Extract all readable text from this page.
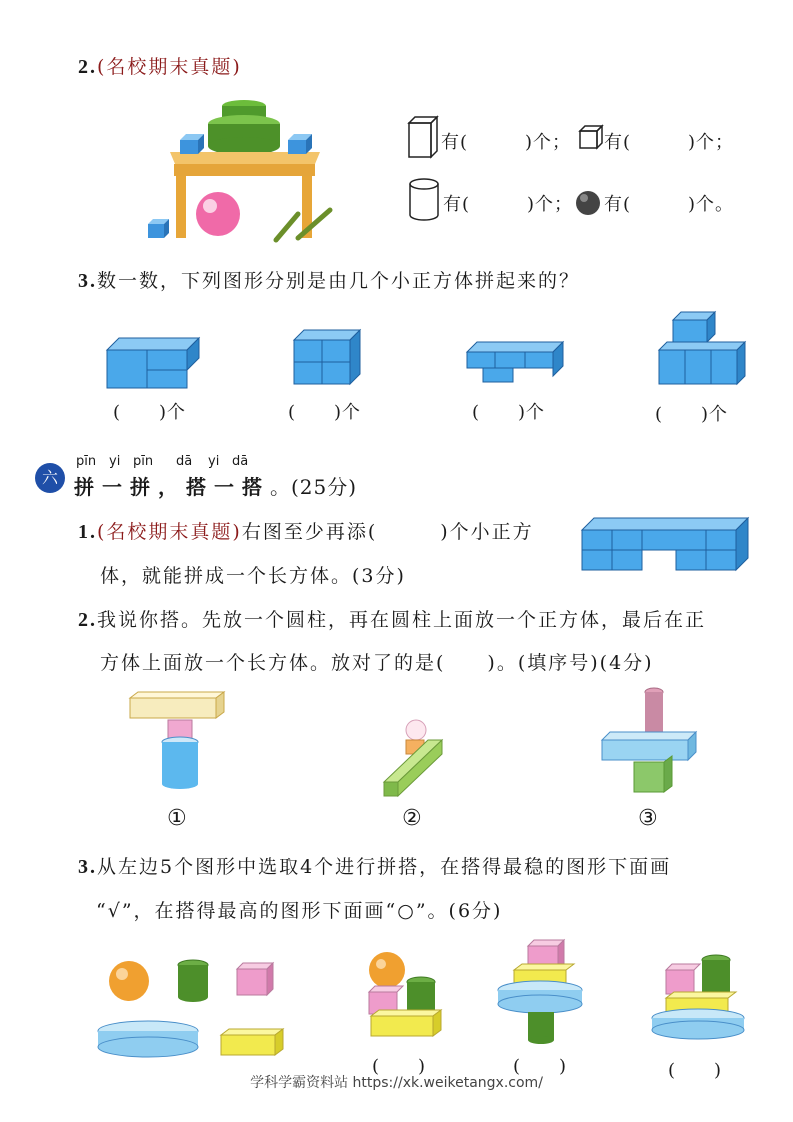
2.(名校期末真题)
有(　　　)个； 有(　　　)个；
有(　　　)个； 有(　　　)个。
3.数一数，下列图形分别是由几个小正方体拼起来的？
(　　)个	(　　)个	(　　)个	(　　)个
六
pīn yi pīn dā yi dā
拼一拼，搭一搭。(25分)
1.(名校期末真题)右图至少再添(　　　)个小正方
体，就能拼成一个长方体。(3分)
2.我说你搭。先放一个圆柱，再在圆柱上面放一个正方体，最后在正
方体上面放一个长方体。放对了的是(　　)。(填序号)(4分)
①	②	③
3.从左边5个图形中选取4个进行拼搭，在搭得最稳的图形下面画
“√”，在搭得最高的图形下面画“○”。(6分)
(　　)	(　　)	(　　)
学科学霸资料站 https://xk.weiketangx.com/
